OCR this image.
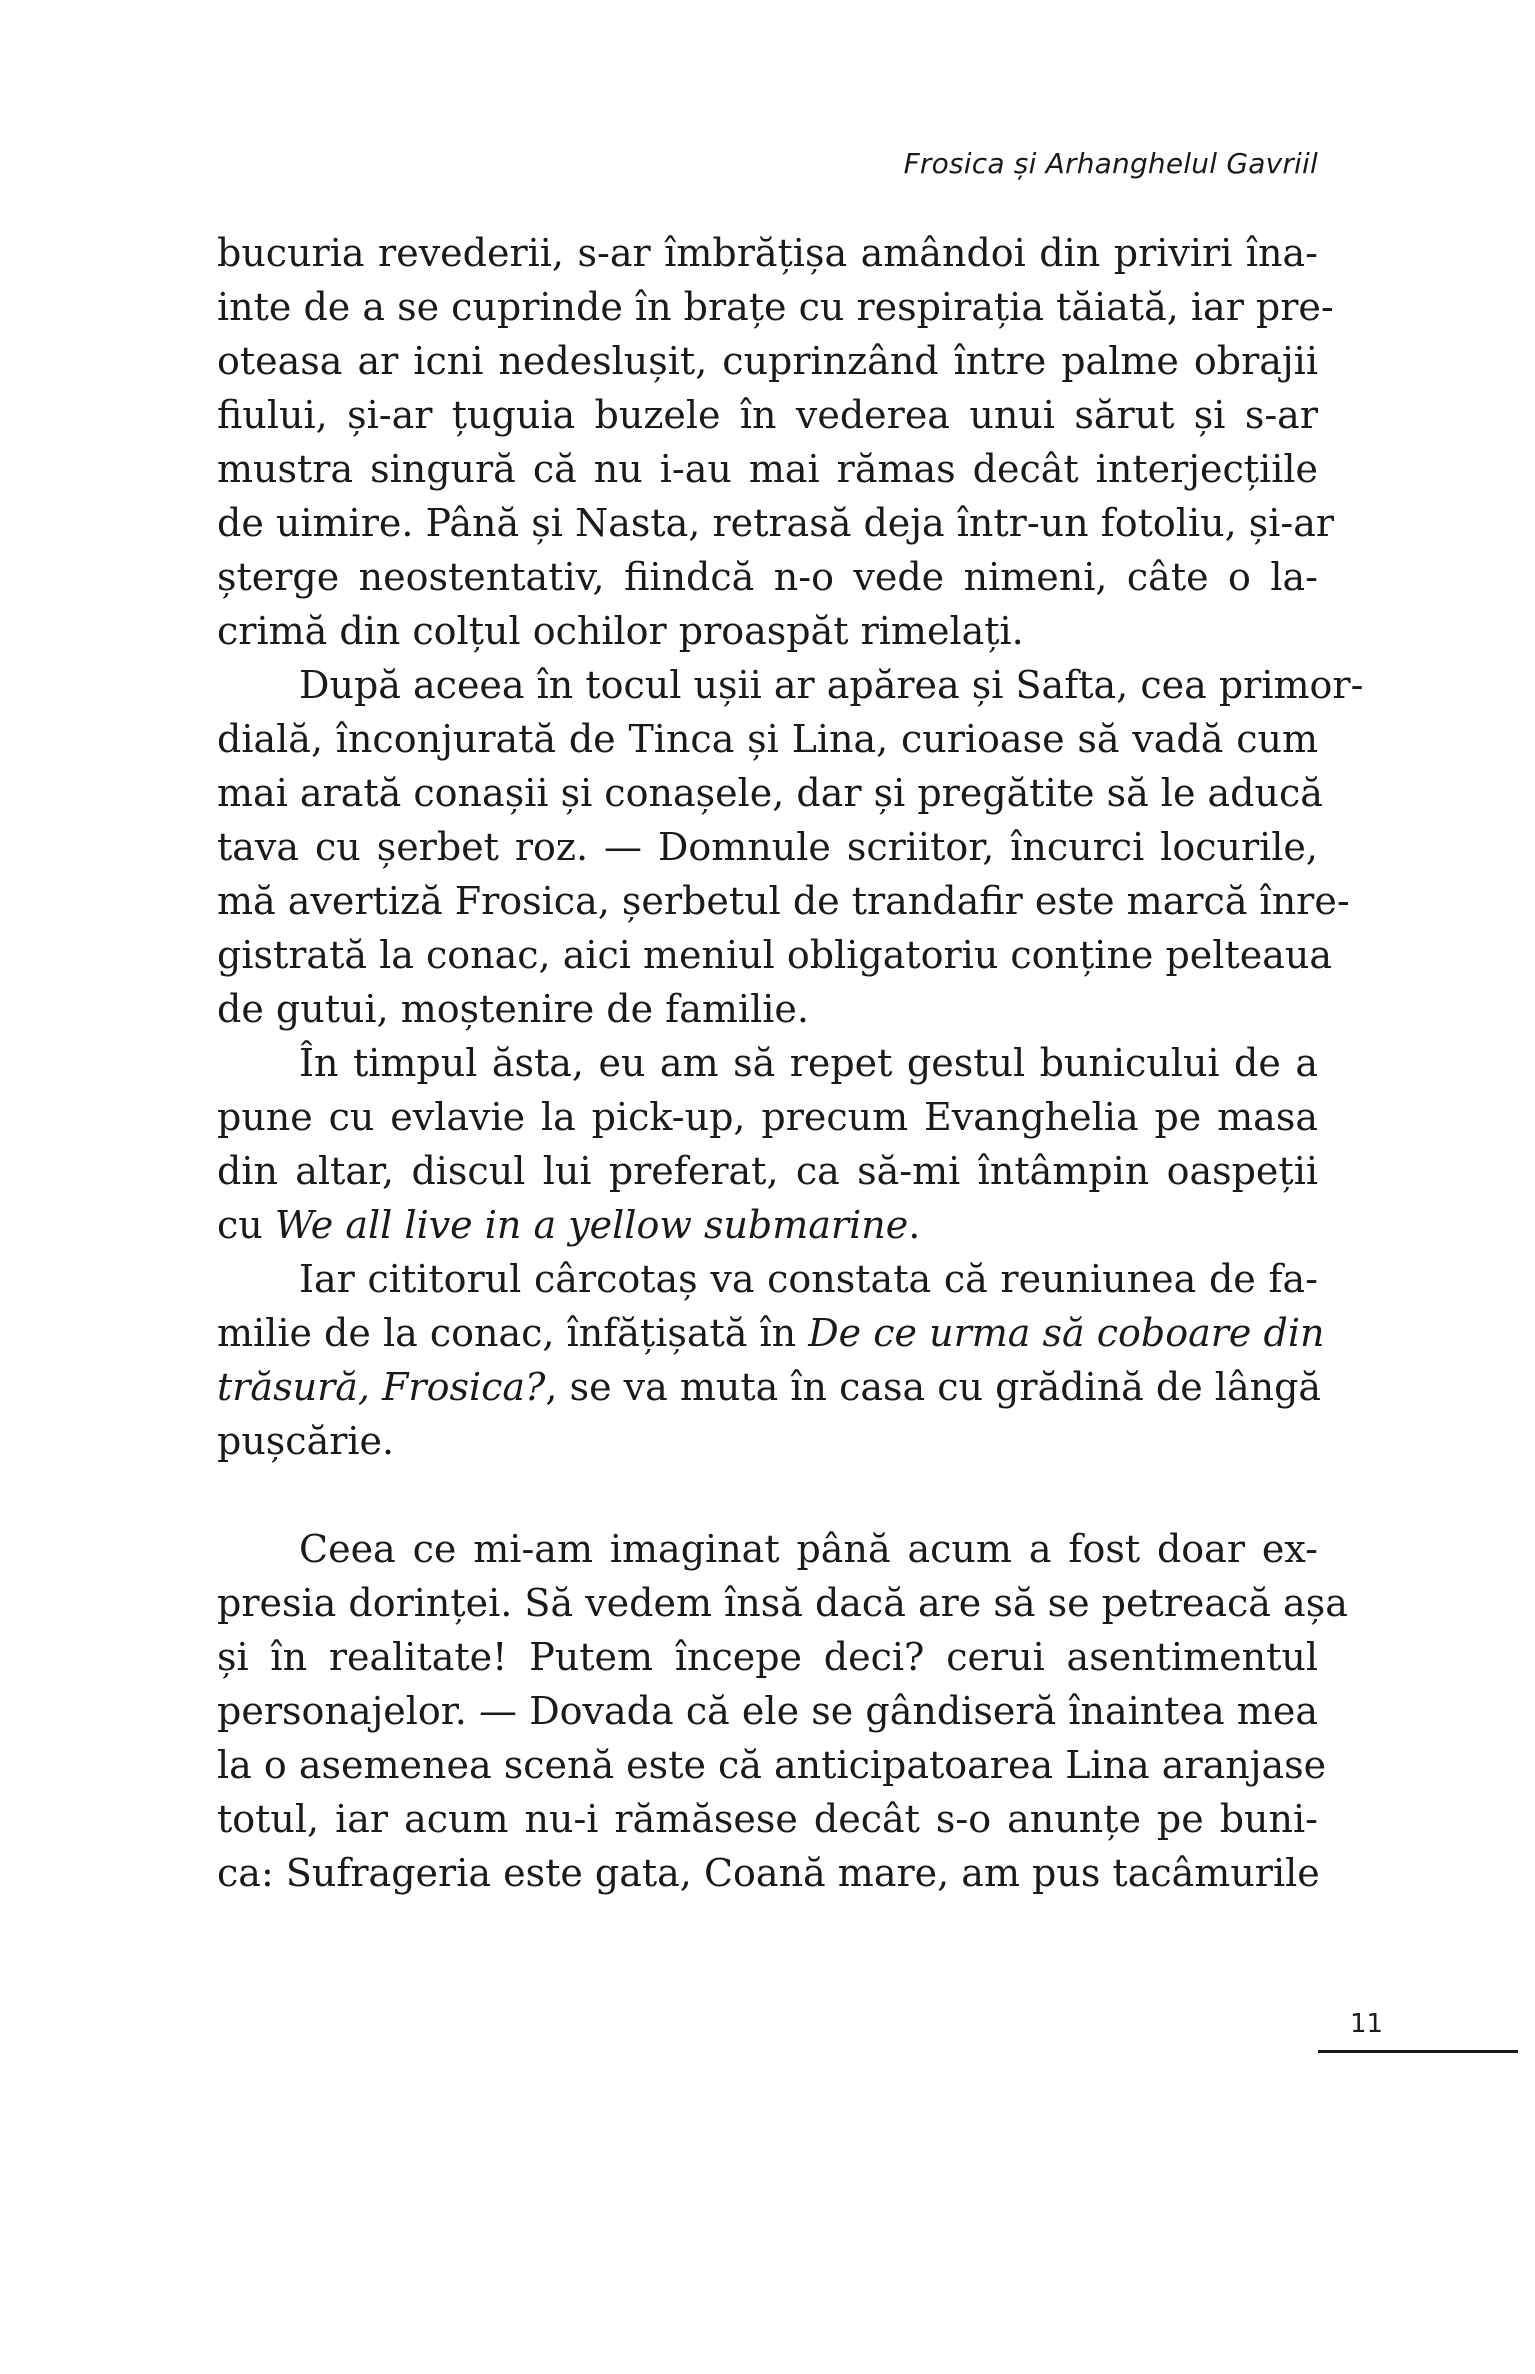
Frosica și Arhanghelul Gavriil
bucuria revederii, s-ar îmbrățișa amândoi din priviri îna-
inte de a se cuprinde în brațe cu respirația tăiată, iar pre-
oteasa ar icni nedeslușit, cuprinzând între palme obrajii
fiului, și-ar țuguia buzele în vederea unui sărut și s-ar
mustra singură că nu i-au mai rămas decât interjecțiile
de uimire. Până și Nasta, retrasă deja într-un fotoliu, și-ar
șterge neostentativ, fiindcă n-o vede nimeni, câte o la-
crimă din colțul ochilor proaspăt rimelați.
După aceea în tocul ușii ar apărea și Safta, cea primor-
dială, înconjurată de Tinca și Lina, curioase să vadă cum
mai arată conașii și conașele, dar și pregătite să le aducă
tava cu șerbet roz. — Domnule scriitor, încurci locurile,
mă avertiză Frosica, șerbetul de trandafir este marcă înre-
gistrată la conac, aici meniul obligatoriu conține pelteaua
de gutui, moștenire de familie.
În timpul ăsta, eu am să repet gestul bunicului de a
pune cu evlavie la pick-up, precum Evanghelia pe masa
din altar, discul lui preferat, ca să-mi întâmpin oaspeții
cu We all live in a yellow submarine.
Iar cititorul cârcotaș va constata că reuniunea de fa-
milie de la conac, înfățișată în De ce urma să coboare din
trăsură, Frosica?, se va muta în casa cu grădină de lângă
pușcărie.
Ceea ce mi-am imaginat până acum a fost doar ex-
presia dorinței. Să vedem însă dacă are să se petreacă așa
și în realitate! Putem începe deci? cerui asentimentul
personajelor. — Dovada că ele se gândiseră înaintea mea
la o asemenea scenă este că anticipatoarea Lina aranjase
totul, iar acum nu-i rămăsese decât s-o anunțe pe buni-
ca: Sufrageria este gata, Coană mare, am pus tacâmurile
11
